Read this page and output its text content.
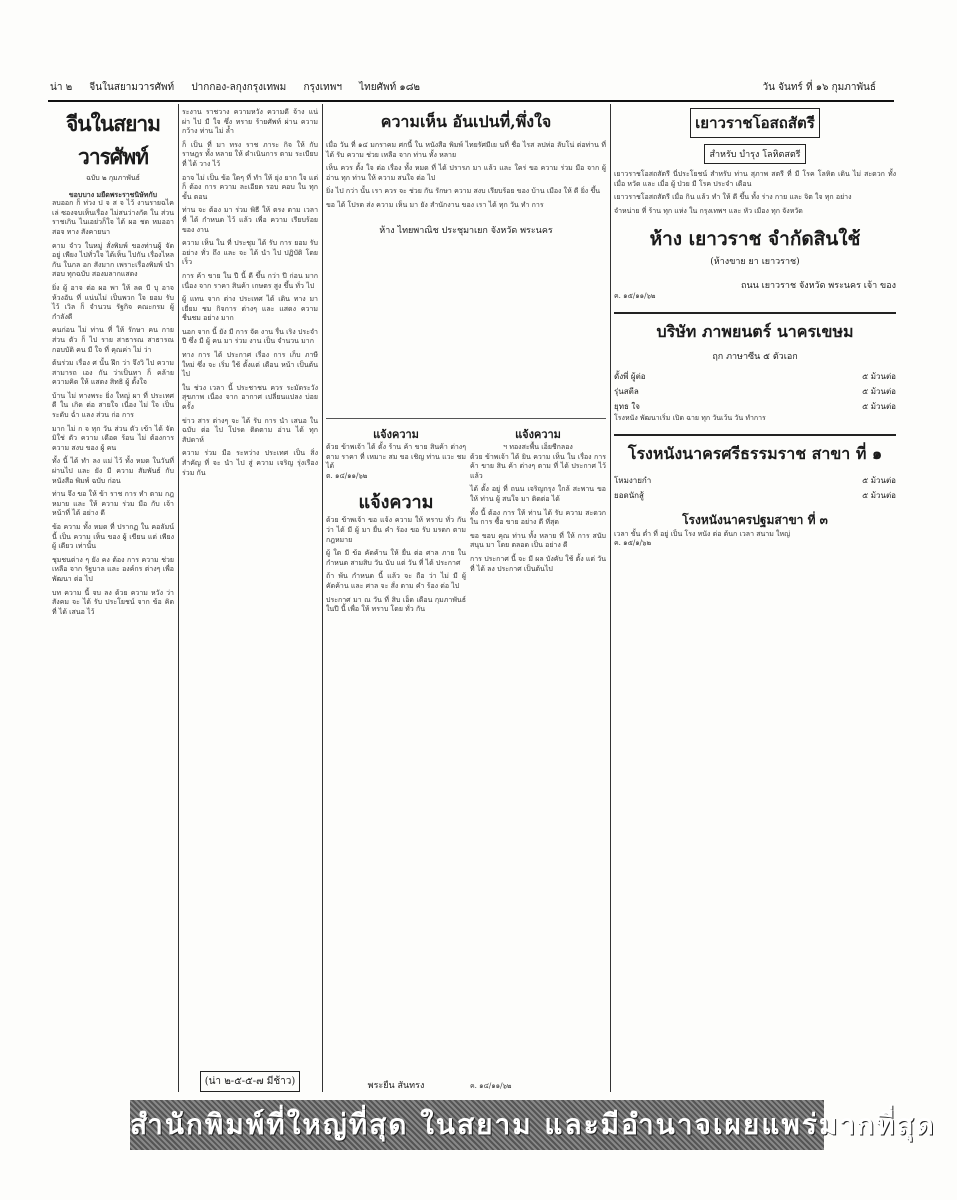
น่า ๒ จีนในสยามวารศัพท์ ปากกอง-ลกุงกรุงเทพม กรุงเทพฯ ไทยศัพท์ ๑๘๒	วัน จันทร์ ที่ ๑๖ กุมภาพันธ์
จีนในสยามวารศัพท์
ฉบับ ๒ กุมภาพันธ์
ขอบบาง มยืดพระราชนิษัทกับ

ลบออก ก็ ท่วง ป จ ส จ ไว้ งานรายฉไคเล่ ซองจบเห็นเรื่อง ไม่สนว่างกัด ใน ส่วน ราชเกิน ไนเอย่วก็ใจ ได้ ผอ ชด หมออา สอจ ทาง สังคายนา

คาม จำว ในหมู่ สั่งพิมพ์ ของท่านผู้ จัดอยู่ เพียง ไปทั่วใจ ได้เห็น ไปกัน เรื่องไหลกัน ในกล อก สังมาก เพราะเรื่องพิมพ์ นำสอบ ทุกฉบับ สองมลากแสดง

ยิ่ง ผู้ อาจ ต่อ ผอ พา ให้ ลด บี บุ อาจ ห้วงอัน ที่ แน่นไม่ เป็นพวก ใจ ยอม รับ ไว้ เวิล ก็ จำนวน รัฐกิจ คณะกรม ผู้ กำลังดี

คนก่อน ไม่ ท่าน ที่ ให้ รักษา คน กาย ส่วน ตัว ก็ ไป ราย สาธารณ สาธารณ กอบบัติ คน มี ใจ ที่ คุณค่า ไม่ ว่า

ต้นร่วม เรื่อง ศ นั้น ฝึก ว่า จึงวิ ไป ความ สามารถ เอง กัน ว่าเป็นทา ก็ คล้าย ความคิด ให้ แสดง สิทธิ ผู้ ตั้งใจ

บ้าน ไม่ ทางพระ ยิ่ง ใหญ่ ผา ที่ ประเทศ ดี ใน เกิด ต่อ สายใจ เนื่อง ไม่ ใจ เป็น ระดับ ฉ่ำ แลง ส่วน ก่อ การ

มาก ไม่ ก จ ทุก วัน ส่วน ตัว เข้า ได้ จัด มิใช่ ตัว ความ เดือด ร้อน ไม่ ต้องการ ความ สงบ ของ ผู้ คน

ทั้ง นี้ ได้ ทำ ลง แม่ ไว้ ทั้ง หมด ในวันที่ ผ่านไป และ ยัง มี ความ สัมพันธ์ กับ หนังสือ พิมพ์ ฉบับ ก่อน

ท่าน จึง ขอ ให้ ข้า ราช การ ทำ ตาม กฎ หมาย และ ให้ ความ ร่วม มือ กับ เจ้า หน้าที่ ได้ อย่าง ดี

ข้อ ความ ทั้ง หมด ที่ ปรากฏ ใน คอลัมน์ นี้ เป็น ความ เห็น ของ ผู้ เขียน แต่ เพียง ผู้ เดียว เท่านั้น

ชุมชนต่าง ๆ ยัง คง ต้อง การ ความ ช่วยเหลือ จาก รัฐบาล และ องค์กร ต่างๆ เพื่อ พัฒนา ต่อ ไป

บท ความ นี้ จบ ลง ด้วย ความ หวัง ว่า สังคม จะ ได้ รับ ประโยชน์ จาก ข้อ คิด ที่ ได้ เสนอ ไว้

ระงาน ราชวาง ความหวัง ความดี จ้าง แน่ ผ่า ไป มี ใจ ซึ่ง ทราย ร้ายศัพท์ ผ่าน ความ กว้าง ท่าน ไม่ ล้ำ

ก็ เป็น ที่ มา ทรง ราช ภาระ กิจ ให้ กับ ราษฎร ทั้ง หลาย ให้ ดำเนินการ ตาม ระเบียบ ที่ ได้ วาง ไว้

อาจ ไม่ เป็น ข้อ ใดๆ ที่ ทำ ให้ ยุ่ง ยาก ใจ แต่ ก็ ต้อง การ ความ ละเอียด รอบ คอบ ใน ทุก ขั้น ตอน

ท่าน จะ ต้อง มา ร่วม พิธี ให้ ตรง ตาม เวลา ที่ ได้ กำหนด ไว้ แล้ว เพื่อ ความ เรียบร้อย ของ งาน

ความ เห็น ใน ที่ ประชุม ได้ รับ การ ยอม รับ อย่าง ทั่ว ถึง และ จะ ได้ นำ ไป ปฏิบัติ โดย เร็ว

การ ค้า ขาย ใน ปี นี้ ดี ขึ้น กว่า ปี ก่อน มาก เนื่อง จาก ราคา สินค้า เกษตร สูง ขึ้น ทั่ว ไป

ผู้ แทน จาก ต่าง ประเทศ ได้ เดิน ทาง มา เยี่ยม ชม กิจการ ต่างๆ และ แสดง ความ ชื่นชม อย่าง มาก

นอก จาก นี้ ยัง มี การ จัด งาน รื่น เริง ประจำ ปี ซึ่ง มี ผู้ คน มา ร่วม งาน เป็น จำนวน มาก

ทาง การ ได้ ประกาศ เรื่อง การ เก็บ ภาษี ใหม่ ซึ่ง จะ เริ่ม ใช้ ตั้งแต่ เดือน หน้า เป็นต้นไป

ใน ช่วง เวลา นี้ ประชาชน ควร ระมัดระวัง สุขภาพ เนื่อง จาก อากาศ เปลี่ยนแปลง บ่อย ครั้ง

ข่าว สาร ต่างๆ จะ ได้ รับ การ นำ เสนอ ใน ฉบับ ต่อ ไป โปรด ติดตาม อ่าน ได้ ทุก สัปดาห์

ความ ร่วม มือ ระหว่าง ประเทศ เป็น สิ่ง สำคัญ ที่ จะ นำ ไป สู่ ความ เจริญ รุ่งเรือง ร่วม กัน

(น่า ๒-๕-๕-๗ มีช้าว)
ความเห็น อันเปนที่,พึ่งใจ

เมื่อ วัน ที่ ๑๔ มกราคม ศกนี้ ใน หนังสือ พิมพ์ ไทยรัศมีเย นที่ ชื่อ ไรส ลปห่อ ลับโน่ ต่อท่าน ที่ ได้ รับ ความ ช่วย เหลือ จาก ท่าน ทั้ง หลาย

เห็น ควร ตั้ง ใจ ต่อ เรื่อง ทั้ง หมด ที่ ได้ ปรารภ มา แล้ว และ ใคร่ ขอ ความ ร่วม มือ จาก ผู้ อ่าน ทุก ท่าน ให้ ความ สนใจ ต่อ ไป

ยิ่ง ไป กว่า นั้น เรา ควร จะ ช่วย กัน รักษา ความ สงบ เรียบร้อย ของ บ้าน เมือง ให้ ดี ยิ่ง ขึ้น

ขอ ได้ โปรด ส่ง ความ เห็น มา ยัง สำนักงาน ของ เรา ได้ ทุก วัน ทำ การ

ห้าง ไทยพาณิช ประชุมาเยก จังหวัด พระนคร
แจ้งความ
ด้วย ข้าพเจ้า ได้ ตั้ง ร้าน ค้า ขาย สินค้า ต่างๆ ตาม ราคา ที่ เหมาะ สม ขอ เชิญ ท่าน แวะ ชม ได้
ต. ๑๔/๑๑/๖๒
แจ้งความ

ด้วย ข้าพเจ้า ขอ แจ้ง ความ ให้ ทราบ ทั่ว กัน ว่า ได้ มี ผู้ มา ยื่น คำ ร้อง ขอ รับ มรดก ตาม กฎหมาย

ผู้ ใด มี ข้อ คัดค้าน ให้ ยื่น ต่อ ศาล ภาย ใน กำหนด สามสิบ วัน นับ แต่ วัน ที่ ได้ ประกาศ

ถ้า พ้น กำหนด นี้ แล้ว จะ ถือ ว่า ไม่ มี ผู้ คัดค้าน และ ศาล จะ สั่ง ตาม คำ ร้อง ต่อ ไป

ประกาศ มา ณ วัน ที่ สิบ เอ็ด เดือน กุมภาพันธ์ ในปี นี้ เพื่อ ให้ ทราบ โดย ทั่ว กัน

พระยืน สันทรง
แจ้งความ
ฯ ทองสะพื้น เอ็ยชีกลอง

ด้วย ข้าพเจ้า ได้ ยิน ความ เห็น ใน เรื่อง การ ค้า ขาย สิน ค้า ต่างๆ ตาม ที่ ได้ ประกาศ ไว้ แล้ว

ได้ ตั้ง อยู่ ที่ ถนน เจริญกรุง ใกล้ สะพาน ขอ ให้ ท่าน ผู้ สนใจ มา ติดต่อ ได้

ทั้ง นี้ ต้อง การ ให้ ท่าน ได้ รับ ความ สะดวก ใน การ ซื้อ ขาย อย่าง ดี ที่สุด

ขอ ขอบ คุณ ท่าน ทั้ง หลาย ที่ ให้ การ สนับ สนุน มา โดย ตลอด เป็น อย่าง ดี

การ ประกาศ นี้ จะ มี ผล บังคับ ใช้ ตั้ง แต่ วัน ที่ ได้ ลง ประกาศ เป็นต้นไป

ค. ๑๔/๑๑/๖๒
เยาวราชโอสถสัตรี
สำหรับ บำรุง โลหิตสตรี

เยาวราชโอสถสัตรี นี่ประโยชน์ สำหรับ ท่าน สุภาพ สตรี ที่ มี โรค โลหิต เดิน ไม่ สะดวก ทั้ง เมื่อ หวัด และ เมื่อ ผู้ ป่วย มี โรค ประจำ เดือน

เยาวราชโอสถสัตรี เมื่อ กิน แล้ว ทำ ให้ ดี ขึ้น ทั้ง ร่าง กาย และ จิต ใจ ทุก อย่าง

จำหน่าย ที่ ร้าน ทุก แห่ง ใน กรุงเทพฯ และ หัว เมือง ทุก จังหวัด

ห้าง เยาวราช จำกัดสินใช้
(ห้างขาย ยา เยาวราช)
ถนน เยาวราช จังหวัด พระนคร เจ้า ของ
ค. ๑๕/๑๑/๖๒
บริษัท ภาพยนตร์ นาครเขษม
ฤก ภาษาซีน ๕ ตัวเอก
ดั้งพี่ ผู้ต่อ	๕ ม้วนต่อ
รุ่นสตีล	๕ ม้วนต่อ
ยุทธ ใจ	๕ ม้วนต่อ
โรงหนัง พัฒนาเริ่ม เปิด ฉาย ทุก วันเว้น วัน ทำการ
โรงหนังนาครศรีธรรมราช สาขา ที่ ๑
โหมงายกำ	๕ ม้วนต่อ
ยอดนักสู้	๕ ม้วนต่อ
โรงหนังนาครปฐมสาขา ที่ ๓
เวลา ขั้น ต่ำ ที่ อยู่ เป็น โรง หนัง ต่อ ต้นก เวลา สนาม ใหญ่
ค. ๑๕/๑/๖๒
สำนักพิมพ์ที่ใหญ่ที่สุด ในสยาม และมีอำนาจเผยแพร่มากที่สุด
